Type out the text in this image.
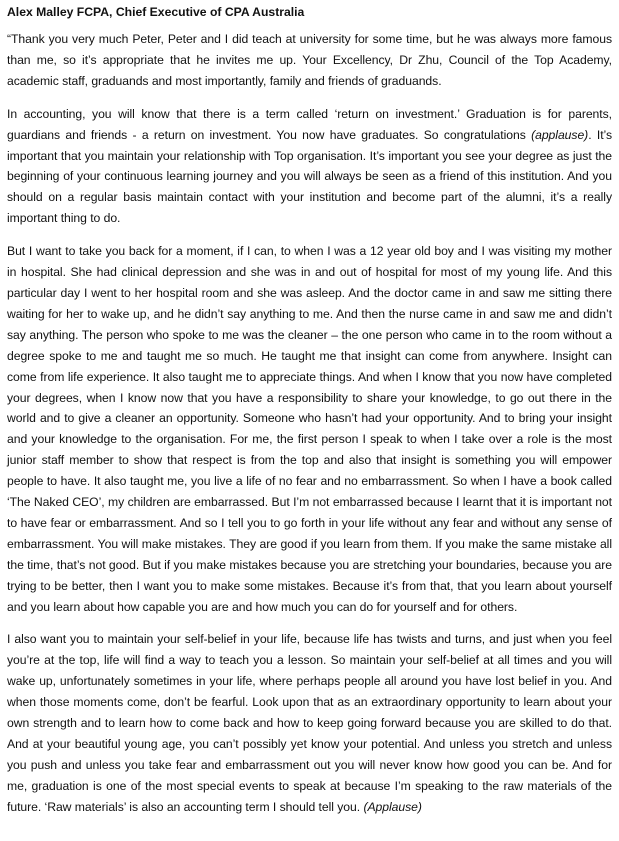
Alex Malley FCPA, Chief Executive of CPA Australia

“Thank you very much Peter, Peter and I did teach at university for some time, but he was always more famous than me, so it’s appropriate that he invites me up. Your Excellency, Dr Zhu, Council of the Top Academy, academic staff, graduands and most importantly, family and friends of graduands.

In accounting, you will know that there is a term called ‘return on investment.’ Graduation is for parents, guardians and friends - a return on investment. You now have graduates. So congratulations (applause). It’s important that you maintain your relationship with Top organisation. It’s important you see your degree as just the beginning of your continuous learning journey and you will always be seen as a friend of this institution. And you should on a regular basis maintain contact with your institution and become part of the alumni, it’s a really important thing to do.

But I want to take you back for a moment, if I can, to when I was a 12 year old boy and I was visiting my mother in hospital. She had clinical depression and she was in and out of hospital for most of my young life. And this particular day I went to her hospital room and she was asleep. And the doctor came in and saw me sitting there waiting for her to wake up, and he didn’t say anything to me. And then the nurse came in and saw me and didn’t say anything. The person who spoke to me was the cleaner – the one person who came in to the room without a degree spoke to me and taught me so much. He taught me that insight can come from anywhere. Insight can come from life experience. It also taught me to appreciate things. And when I know that you now have completed your degrees, when I know now that you have a responsibility to share your knowledge, to go out there in the world and to give a cleaner an opportunity. Someone who hasn’t had your opportunity. And to bring your insight and your knowledge to the organisation. For me, the first person I speak to when I take over a role is the most junior staff member to show that respect is from the top and also that insight is something you will empower people to have. It also taught me, you live a life of no fear and no embarrassment. So when I have a book called ‘The Naked CEO’, my children are embarrassed. But I’m not embarrassed because I learnt that it is important not to have fear or embarrassment. And so I tell you to go forth in your life without any fear and without any sense of embarrassment. You will make mistakes. They are good if you learn from them. If you make the same mistake all the time, that’s not good. But if you make mistakes because you are stretching your boundaries, because you are trying to be better, then I want you to make some mistakes. Because it’s from that, that you learn about yourself and you learn about how capable you are and how much you can do for yourself and for others.

I also want you to maintain your self-belief in your life, because life has twists and turns, and just when you feel you’re at the top, life will find a way to teach you a lesson. So maintain your self-belief at all times and you will wake up, unfortunately sometimes in your life, where perhaps people all around you have lost belief in you. And when those moments come, don’t be fearful. Look upon that as an extraordinary opportunity to learn about your own strength and to learn how to come back and how to keep going forward because you are skilled to do that. And at your beautiful young age, you can’t possibly yet know your potential. And unless you stretch and unless you push and unless you take fear and embarrassment out you will never know how good you can be. And for me, graduation is one of the most special events to speak at because I’m speaking to the raw materials of the future. ‘Raw materials’ is also an accounting term I should tell you. (Applause)
